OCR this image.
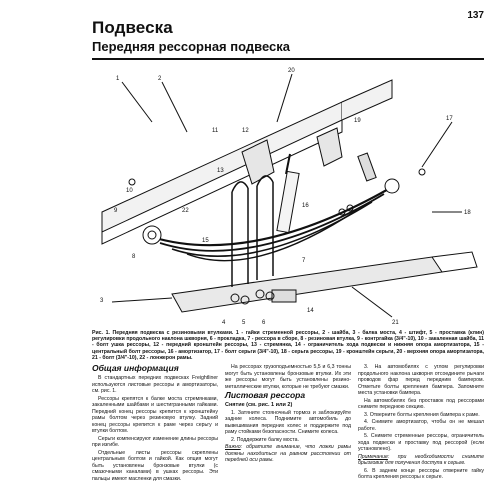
137
Подвеска
Передняя рессорная подвеска
1	2
3
4	5	6
7
8
9
10
11	12
13
14
15
16
17
18
19
20
21
22
Рис. 1. Передняя подвеска с резиновыми втулками. 1 - гайки стременной рессоры, 2 - шайба, 3 - балка моста, 4 - штифт, 5 - проставка (клин) регулировки продольного наклона шкворня, 6 - прокладка, 7 - рессора в сборе, 8 - резиновая втулка, 9 - контргайка (3/4"-10), 10 - закаленная шайба, 11 - болт ушка рессоры, 12 - передний кронштейн рессоры, 13 - стремянка, 14 - ограничитель хода подвески и нижняя опора амортизатора, 15 - центральный болт рессоры, 16 - амортизатор, 17 - болт серьги (3/4"-10), 18 - серьга рессоры, 19 - кронштейн серьги, 20 - верхняя опора амортизатора, 21 - болт (3/4"-10), 22 - лонжерон рамы.
Общая информация

В стандартных передних подвесках Freightliner используются листовые рессоры и амортизаторы, см. рис. 1.

Рессоры крепятся к балке моста стремянками, закаленными шайбами и шестигранными гайками. Передний конец рессоры крепится к кронштейну рамы болтом через резиновую втулку. Задний конец рессоры крепится к раме через серьгу и втулки болтом.

Серьги компенсируют изменение длины рессоры при изгибе.

Отдельные листы рессоры скреплены центральным болтом и гайкой. Как опция могут быть установлены бронзовые втулки (с смазочными каналами) в ушках рессоры. Эти пальцы имеют масленки для смазки.

На рессорах грузоподъемностью 5,5 и 6,3 тонны могут быть установлены бронзовые втулки. Их эти же рессоры могут быть установлены резино-металлические втулки, которые не требуют смазки.

Листовая рессора
Снятие (см. рис. 1 или 2)

1. Затяните стояночный тормоз и заблокируйте задние колеса. Поднимите автомобиль до вывешивания передних колес и поддержите под раму стойками безопасности. Снимите колеса.

2. Поддержите балку моста.

Важно: обратите внимание, что ложки рамы должны находиться на равном расстоянии от передней оси рамы.

3. На автомобилях с углом регулировки продольного наклона шкворня отсоедините рычаги проводов фар перед передним бампером. Отметьте болты крепления бампера. Запомните места установки бампера.

На автомобилях без проставок под рессорами снимите переднюю секцию.

3. Отверните болты крепления бампера к раме.

4. Снимите амортизатор, чтобы он не мешал работе.

5. Снимите стременные рессоры, ограничитель хода подвески и проставку под рессорой (если установлено).

Примечание: при необходимости снимите брызговик для получения доступа к серьге.

6. В заднем конце рессоры отверните гайку болта крепления рессоры к серьге.
